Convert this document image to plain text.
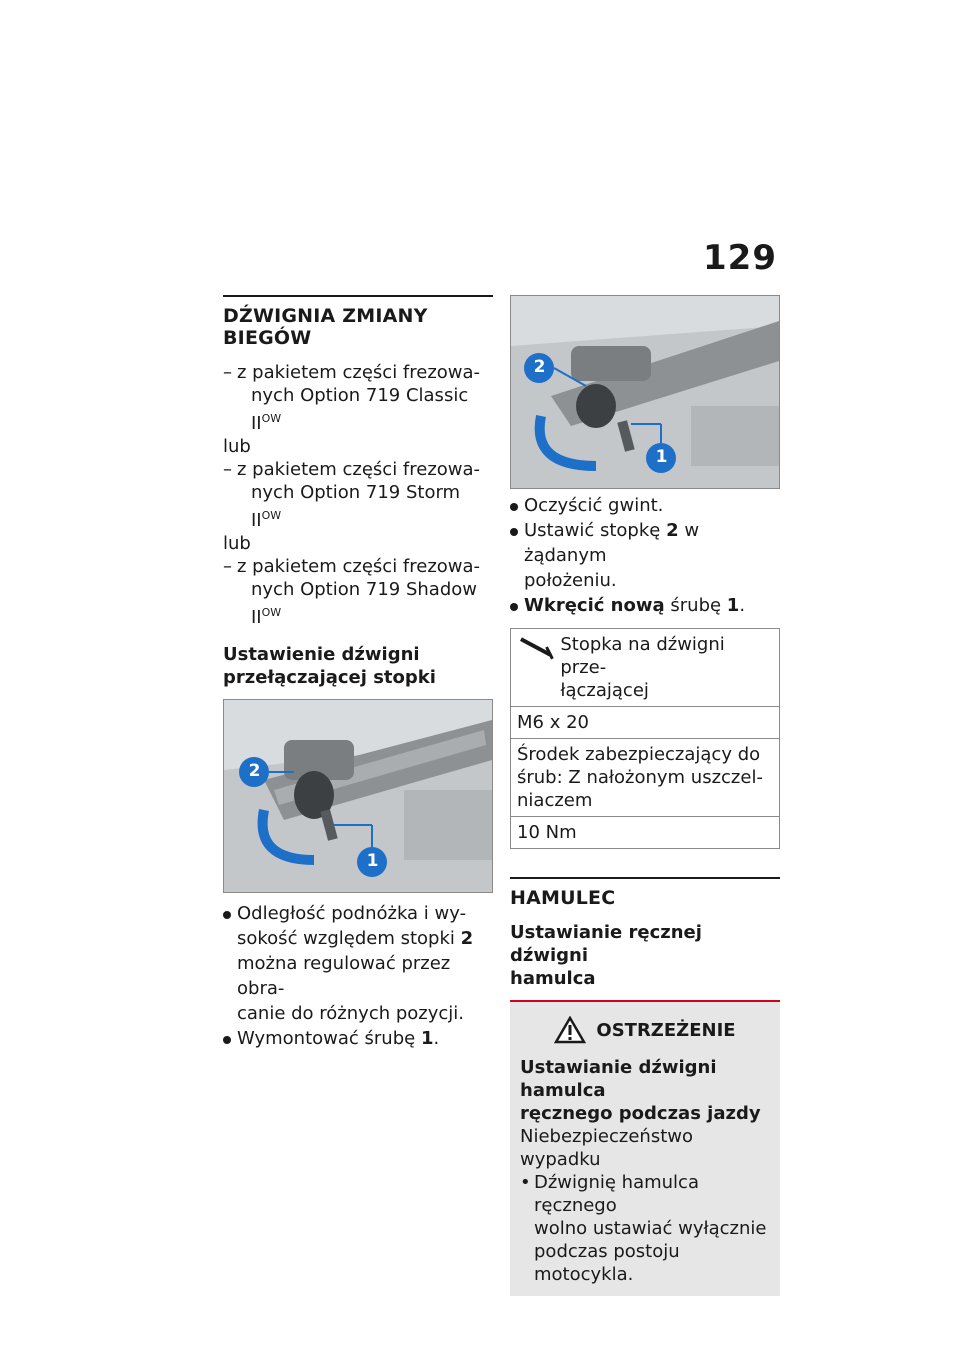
129
DŹWIGNIA ZMIANY BIEGÓW
– z pakietem części frezowa-
nych Option 719 Classic $II^{OW}$
lub
– z pakietem części frezowa-
nych Option 719 Storm $II^{OW}$
lub
– z pakietem części frezowa-
nych Option 719 Shadow
$II^{OW}$
Ustawienie dźwigni
przełączającej stopki
2
1
Odległość podnóżka i wy-
sokość względem stopki 2
można regulować przez obra-
canie do różnych pozycji.
Wymontować śrubę 1.
2
1
Oczyścić gwint.
Ustawić stopkę 2 w żądanym
położeniu.
Wkręcić nową śrubę 1.
Stopka na dźwigni prze-
łączającej

M6 x 20

Środek zabezpieczający do
śrub: Z nałożonym uszczel-
niaczem

10 Nm
HAMULEC
Ustawianie ręcznej dźwigni
hamulca
OSTRZEŻENIE
Ustawianie dźwigni hamulca
ręcznego podczas jazdy
Niebezpieczeństwo wypadku
• Dźwignię hamulca ręcznego
wolno ustawiać wyłącznie
podczas postoju motocykla.
